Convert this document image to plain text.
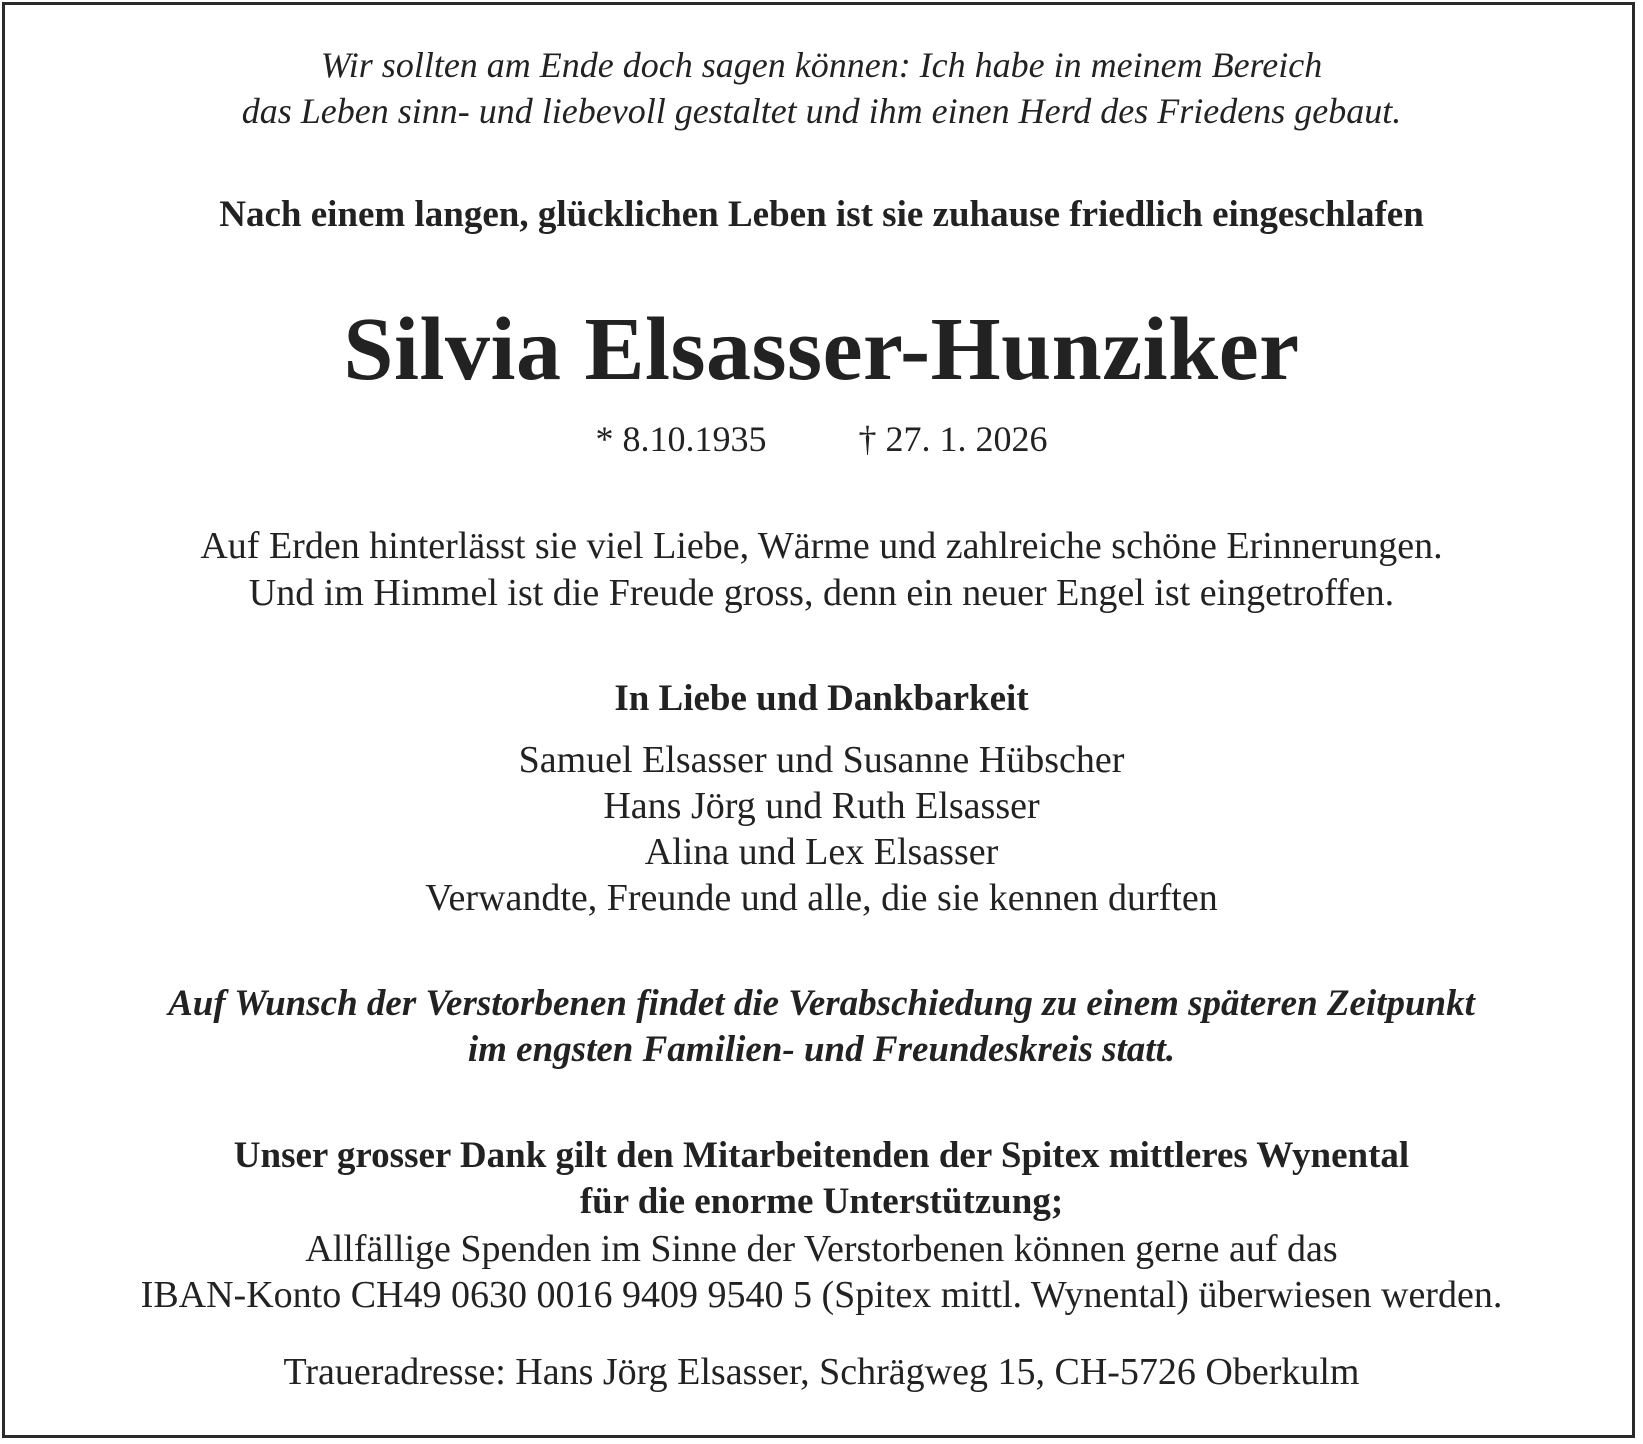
Wir sollten am Ende doch sagen können: Ich habe in meinem Bereich
das Leben sinn- und liebevoll gestaltet und ihm einen Herd des Friedens gebaut.
Nach einem langen, glücklichen Leben ist sie zuhause friedlich eingeschlafen
Silvia Elsasser-Hunziker
* 8.10.1935	† 27. 1. 2026
Auf Erden hinterlässt sie viel Liebe, Wärme und zahlreiche schöne Erinnerungen.
Und im Himmel ist die Freude gross, denn ein neuer Engel ist eingetroffen.
In Liebe und Dankbarkeit
Samuel Elsasser und Susanne Hübscher
Hans Jörg und Ruth Elsasser
Alina und Lex Elsasser
Verwandte, Freunde und alle, die sie kennen durften
Auf Wunsch der Verstorbenen findet die Verabschiedung zu einem späteren Zeitpunkt
im engsten Familien- und Freundeskreis statt.
Unser grosser Dank gilt den Mitarbeitenden der Spitex mittleres Wynental
für die enorme Unterstützung;
Allfällige Spenden im Sinne der Verstorbenen können gerne auf das
IBAN-Konto CH49 0630 0016 9409 9540 5 (Spitex mittl. Wynental) überwiesen werden.
Traueradresse: Hans Jörg Elsasser, Schrägweg 15, CH-5726 Oberkulm
